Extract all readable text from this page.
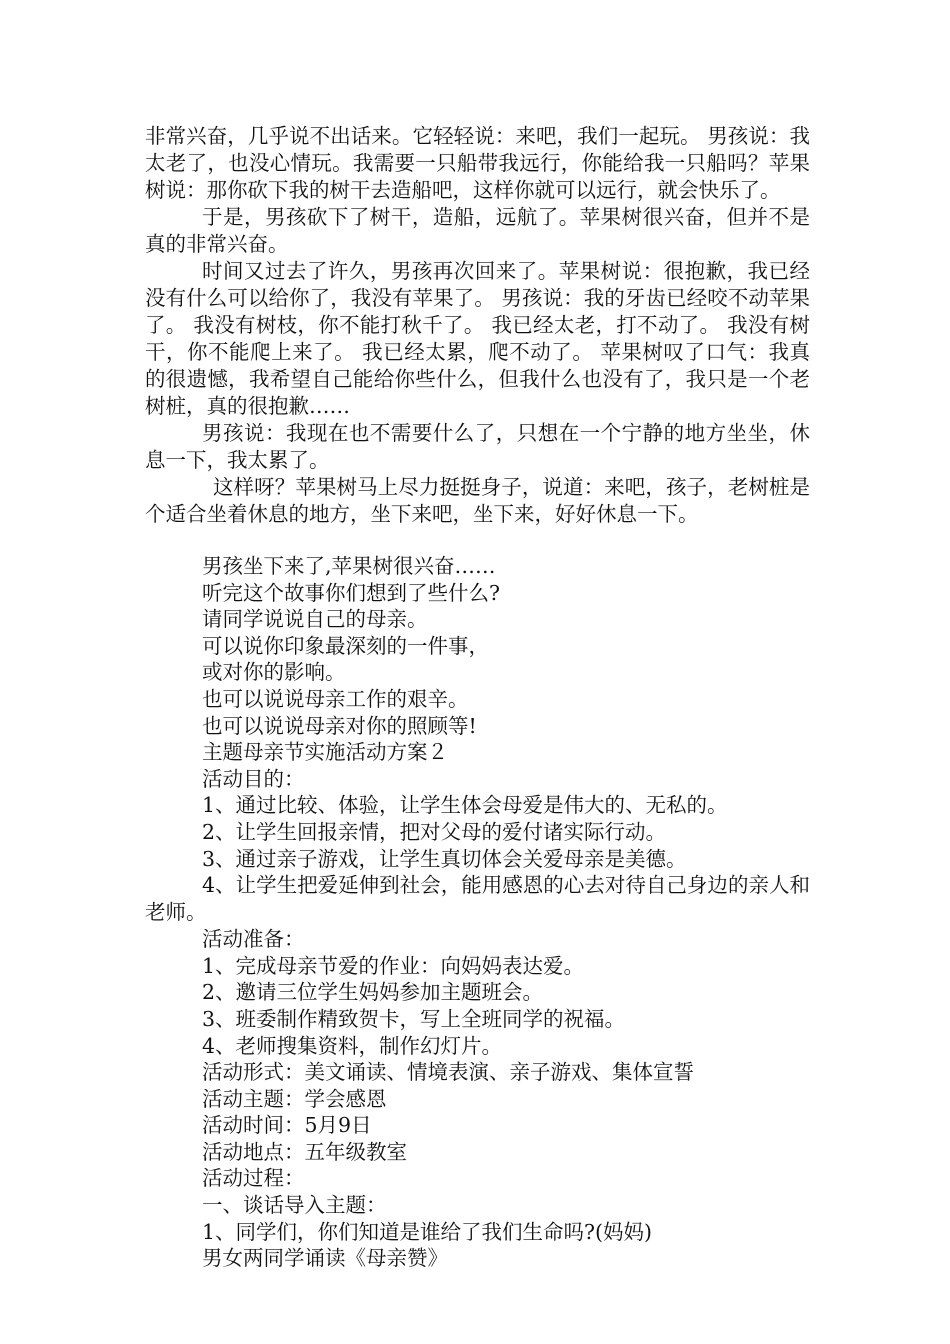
非常兴奋，几乎说不出话来。它轻轻说：来吧，我们一起玩。 男孩说：我太老了，也没心情玩。我需要一只船带我远行，你能给我一只船吗？苹果树说：那你砍下我的树干去造船吧，这样你就可以远行，就会快乐了。

于是，男孩砍下了树干，造船，远航了。苹果树很兴奋，但并不是真的非常兴奋。

时间又过去了许久，男孩再次回来了。苹果树说：很抱歉，我已经没有什么可以给你了，我没有苹果了。 男孩说：我的牙齿已经咬不动苹果了。 我没有树枝，你不能打秋千了。 我已经太老，打不动了。 我没有树干，你不能爬上来了。 我已经太累，爬不动了。 苹果树叹了口气：我真的很遗憾，我希望自己能给你些什么，但我什么也没有了，我只是一个老树桩，真的很抱歉……

男孩说：我现在也不需要什么了，只想在一个宁静的地方坐坐，休息一下，我太累了。

这样呀？苹果树马上尽力挺挺身子，说道：来吧，孩子，老树桩是个适合坐着休息的地方，坐下来吧，坐下来，好好休息一下。

男孩坐下来了,苹果树很兴奋……

听完这个故事你们想到了些什么?

请同学说说自己的母亲。

可以说你印象最深刻的一件事，

或对你的影响。

也可以说说母亲工作的艰辛。

也可以说说母亲对你的照顾等!

主题母亲节实施活动方案２

活动目的：

1、通过比较、体验，让学生体会母爱是伟大的、无私的。

2、让学生回报亲情，把对父母的爱付诸实际行动。

3、通过亲子游戏，让学生真切体会关爱母亲是美德。

4、让学生把爱延伸到社会，能用感恩的心去对待自己身边的亲人和老师。

活动准备：

1、完成母亲节爱的作业：向妈妈表达爱。

2、邀请三位学生妈妈参加主题班会。

3、班委制作精致贺卡，写上全班同学的祝福。

4、老师搜集资料，制作幻灯片。

活动形式：美文诵读、情境表演、亲子游戏、集体宣誓

活动主题：学会感恩

活动时间：5月9日

活动地点：五年级教室

活动过程：

一、谈话导入主题：

1、同学们，你们知道是谁给了我们生命吗?(妈妈)

男女两同学诵读《母亲赞》
